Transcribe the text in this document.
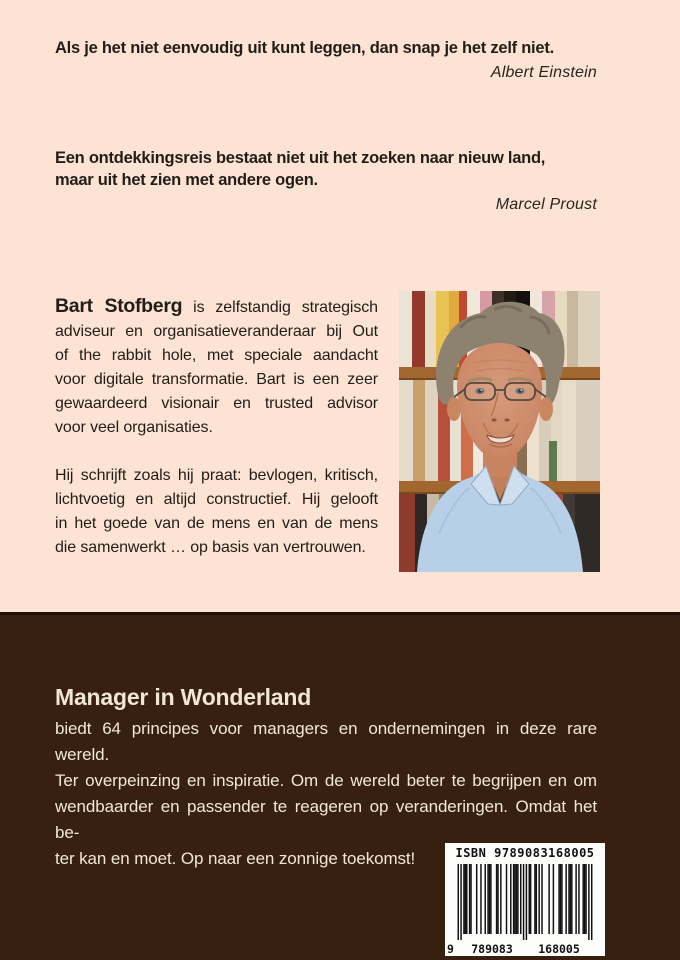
Als je het niet eenvoudig uit kunt leggen, dan snap je het zelf niet.
Albert Einstein
Een ontdekkingsreis bestaat niet uit het zoeken naar nieuw land,
maar uit het zien met andere ogen.
Marcel Proust
Bart Stofberg is zelfstandig strategisch
adviseur en organisatieveranderaar bij Out
of the rabbit hole, met speciale aandacht
voor digitale transformatie. Bart is een zeer
gewaardeerd visionair en trusted advisor
voor veel organisaties.
Hij schrijft zoals hij praat: bevlogen, kritisch,
lichtvoetig en altijd constructief. Hij gelooft
in het goede van de mens en van de mens
die samenwerkt … op basis van vertrouwen.
Manager in Wonderland
biedt 64 principes voor managers en ondernemingen in deze rare wereld.
Ter overpeinzing en inspiratie. Om de wereld beter te begrijpen en om
wendbaarder en passender te reageren op veranderingen. Omdat het be-
ter kan en moet. Op naar een zonnige toekomst!	ISBN 9789083168005
9	789083	168005
